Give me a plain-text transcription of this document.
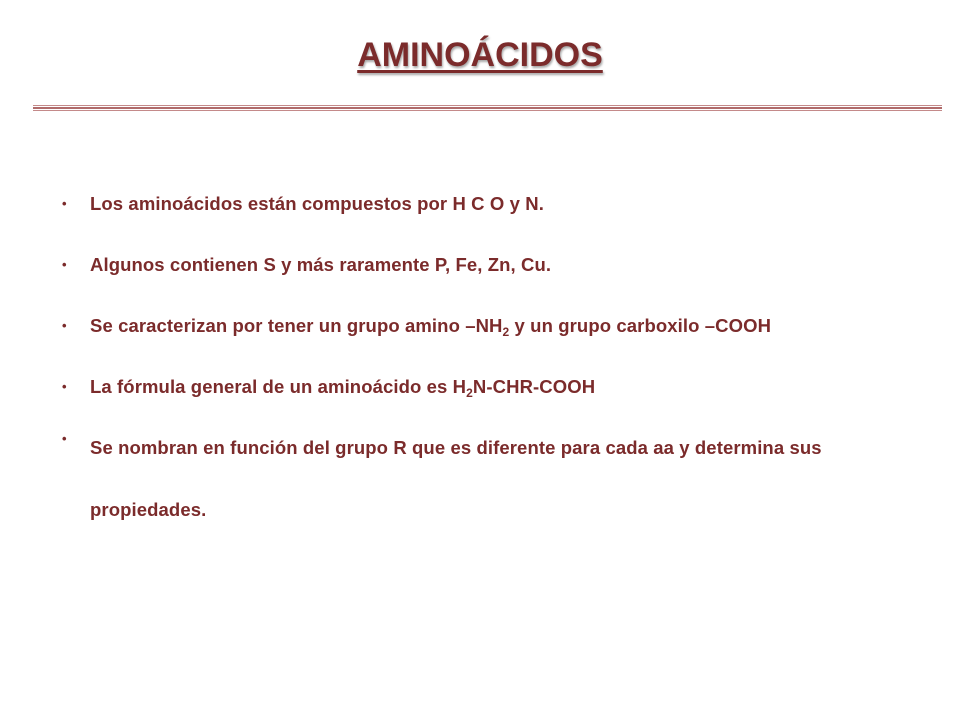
AMINOÁCIDOS
•	Los aminoácidos están compuestos por H C O y N.
•	Algunos contienen S y más raramente P, Fe, Zn, Cu.
•	Se caracterizan por tener un grupo amino $-NH_2$ y un grupo carboxilo –COOH
•	La fórmula general de un aminoácido es $H_2N-CHR$-COOH
•	Se nombran en función del grupo R que es diferente para cada aa y determina sus propiedades.
